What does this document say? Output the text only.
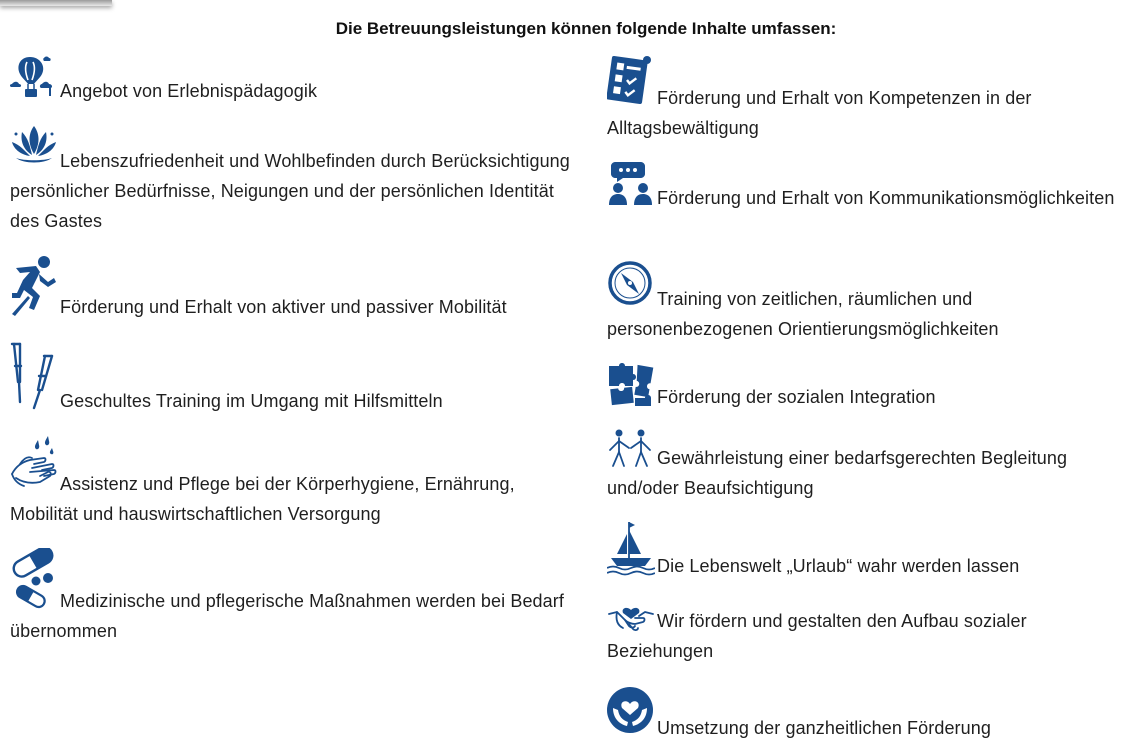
Die Betreuungsleistungen können folgende Inhalte umfassen:
Angebot von Erlebnispädagogik
Lebenszufriedenheit und Wohlbefinden durch Berücksichtigung persönlicher Bedürfnisse, Neigungen und der persönlichen Identität des Gastes
Förderung und Erhalt von aktiver und passiver Mobilität
Geschultes Training im Umgang mit Hilfsmitteln
Assistenz und Pflege bei der Körperhygiene, Ernährung, Mobilität und hauswirtschaftlichen Versorgung
Medizinische und pflegerische Maßnahmen werden bei Bedarf übernommen
Förderung und Erhalt von Kompetenzen in der Alltagsbewältigung
Förderung und Erhalt von Kommunikationsmöglichkeiten
Training von zeitlichen, räumlichen und personenbezogenen Orientierungsmöglichkeiten
Förderung der sozialen Integration
Gewährleistung einer bedarfsgerechten Begleitung und/oder Beaufsichtigung
Die Lebenswelt „Urlaub“ wahr werden lassen
Wir fördern und gestalten den Aufbau sozialer Beziehungen
Umsetzung der ganzheitlichen Förderung
